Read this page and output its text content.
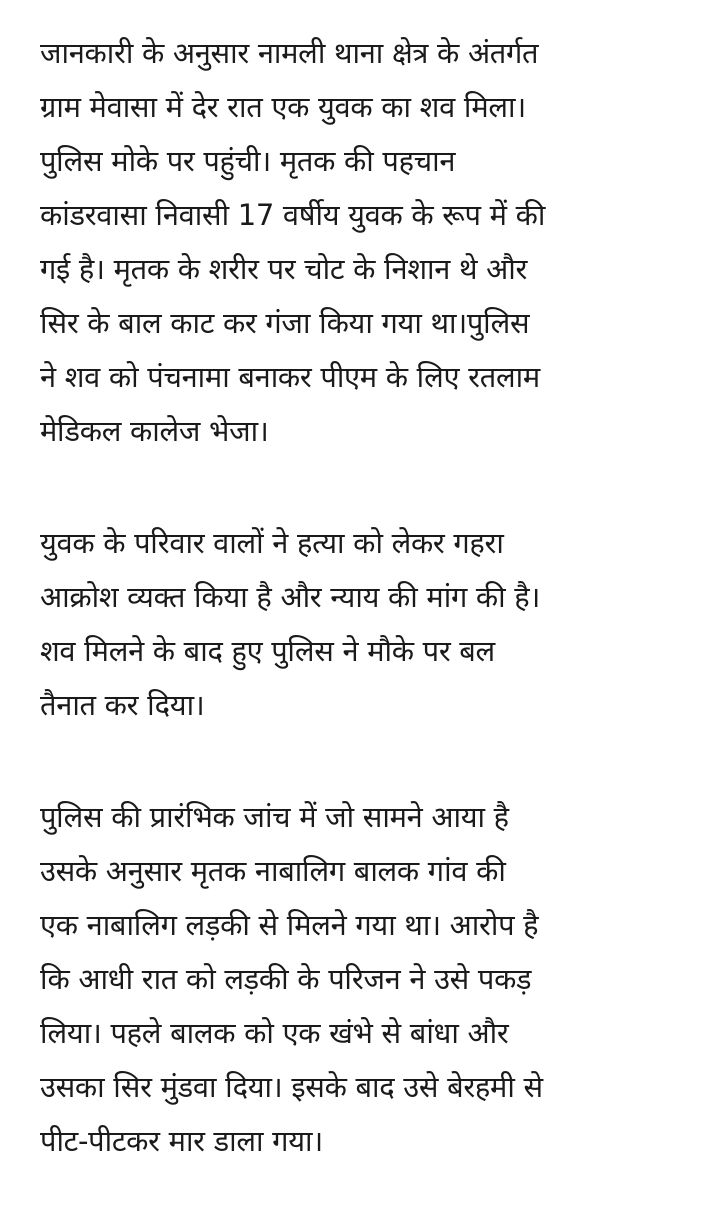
जानकारी के अनुसार नामली थाना क्षेत्र के अंतर्गत
ग्राम मेवासा में देर रात एक युवक का शव मिला।
पुलिस मोके पर पहुंची। मृतक की पहचान
कांडरवासा निवासी 17 वर्षीय युवक के रूप में की
गई है। मृतक के शरीर पर चोट के निशान थे और
सिर के बाल काट कर गंजा किया गया था।पुलिस
ने शव को पंचनामा बनाकर पीएम के लिए रतलाम
मेडिकल कालेज भेजा।

युवक के परिवार वालों ने हत्या को लेकर गहरा
आक्रोश व्यक्त किया है और न्याय की मांग की है।
शव मिलने के बाद हुए पुलिस ने मौके पर बल
तैनात कर दिया।

पुलिस की प्रारंभिक जांच में जो सामने आया है
उसके अनुसार मृतक नाबालिग बालक गांव की
एक नाबालिग लड़की से मिलने गया था। आरोप है
कि आधी रात को लड़की के परिजन ने उसे पकड़
लिया। पहले बालक को एक खंभे से बांधा और
उसका सिर मुंडवा दिया। इसके बाद उसे बेरहमी से
पीट-पीटकर मार डाला गया।
